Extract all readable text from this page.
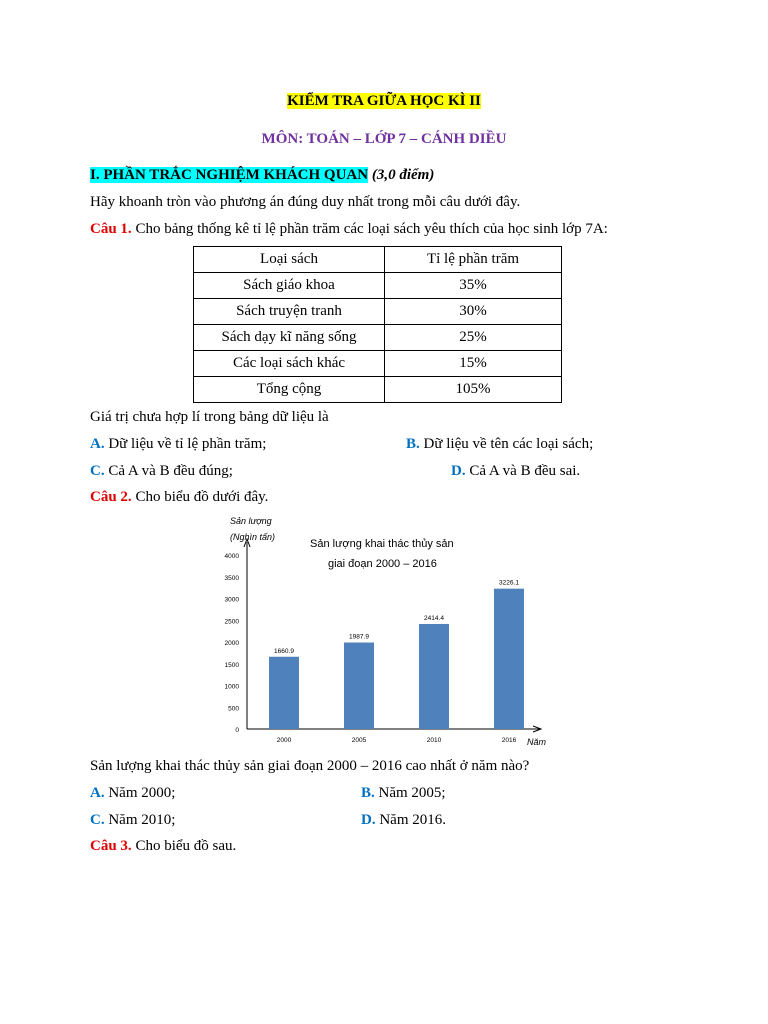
KIỂM TRA GIỮA HỌC KÌ II
MÔN: TOÁN – LỚP 7 – CÁNH DIỀU
I. PHẦN TRẮC NGHIỆM KHÁCH QUAN (3,0 điểm)
Hãy khoanh tròn vào phương án đúng duy nhất trong mỗi câu dưới đây.
Câu 1. Cho bảng thống kê tỉ lệ phần trăm các loại sách yêu thích của học sinh lớp 7A:
Loại sách	Tỉ lệ phần trăm
Sách giáo khoa	35%
Sách truyện tranh	30%
Sách dạy kĩ năng sống	25%
Các loại sách khác	15%
Tổng cộng	105%
Giá trị chưa hợp lí trong bảng dữ liệu là
A. Dữ liệu về tỉ lệ phần trăm;	B. Dữ liệu về tên các loại sách;
C. Cả A và B đều đúng;	D. Cả A và B đều sai.
Câu 2. Cho biểu đồ dưới đây.
Sản lượng khai thác thủy sản
giai đoạn 2000 – 2016
Sản lượng
(Nghìn tấn)
Năm
0
500
1000
1500
2000
2500
3000
3500
4000
1660.9
2000
1987.9
2005
2414.4
2010
3226.1
2016
Sản lượng khai thác thủy sản giai đoạn 2000 – 2016 cao nhất ở năm nào?
A. Năm 2000;	B. Năm 2005;
C. Năm 2010;	D. Năm 2016.
Câu 3. Cho biểu đồ sau.
